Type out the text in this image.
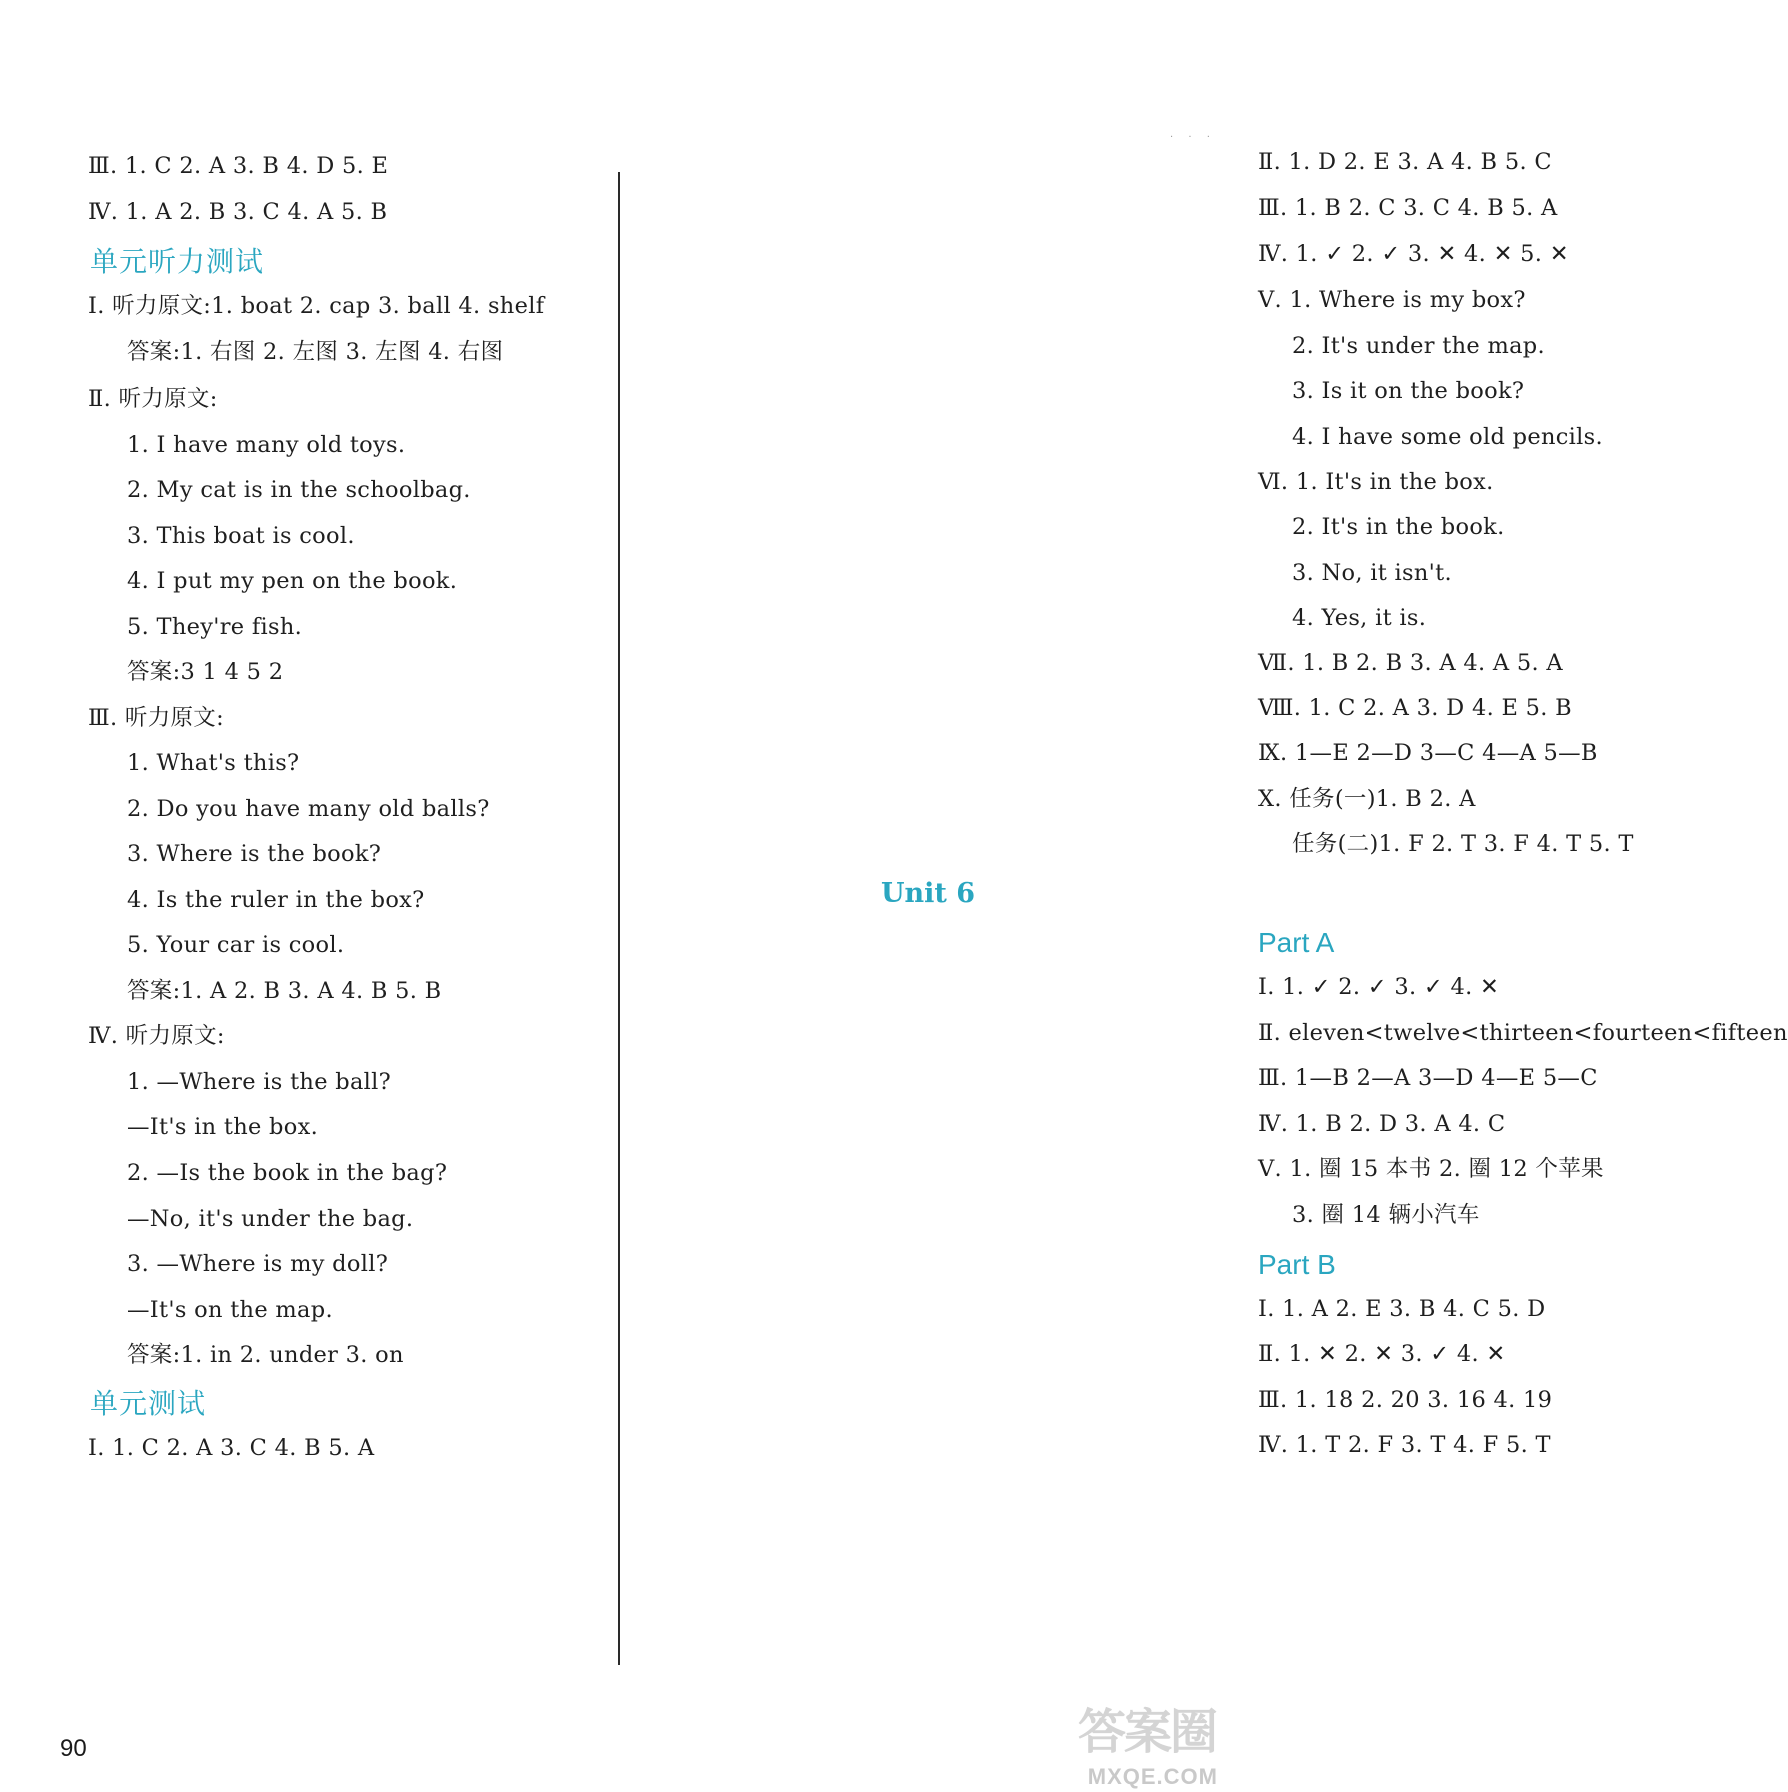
· · ·
Ⅲ. 1. C 2. A 3. B 4. D 5. E
Ⅳ. 1. A 2. B 3. C 4. A 5. B
单元听力测试
Ⅰ. 听力原文:1. boat 2. cap 3. ball 4. shelf
答案:1. 右图 2. 左图 3. 左图 4. 右图
Ⅱ. 听力原文:
1. I have many old toys.
2. My cat is in the schoolbag.
3. This boat is cool.
4. I put my pen on the book.
5. They're fish.
答案:3 1 4 5 2
Ⅲ. 听力原文:
1. What's this?
2. Do you have many old balls?
3. Where is the book?
4. Is the ruler in the box?
5. Your car is cool.
答案:1. A 2. B 3. A 4. B 5. B
Ⅳ. 听力原文:
1. —Where is the ball?
—It's in the box.
2. —Is the book in the bag?
—No, it's under the bag.
3. —Where is my doll?
—It's on the map.
答案:1. in 2. under 3. on
单元测试
Ⅰ. 1. C 2. A 3. C 4. B 5. A
Ⅱ. 1. D 2. E 3. A 4. B 5. C
Ⅲ. 1. B 2. C 3. C 4. B 5. A
Ⅳ. 1. ✓ 2. ✓ 3. ✕ 4. ✕ 5. ✕
Ⅴ. 1. Where is my box?
2. It's under the map.
3. Is it on the book?
4. I have some old pencils.
Ⅵ. 1. It's in the box.
2. It's in the book.
3. No, it isn't.
4. Yes, it is.
Ⅶ. 1. B 2. B 3. A 4. A 5. A
Ⅷ. 1. C 2. A 3. D 4. E 5. B
Ⅸ. 1—E 2—D 3—C 4—A 5—B
Ⅹ. 任务(一)1. B 2. A
任务(二)1. F 2. T 3. F 4. T 5. T
Unit 6
Part A
Ⅰ. 1. ✓ 2. ✓ 3. ✓ 4. ✕
Ⅱ. eleven<twelve<thirteen<fourteen<fifteen
Ⅲ. 1—B 2—A 3—D 4—E 5—C
Ⅳ. 1. B 2. D 3. A 4. C
Ⅴ. 1. 圈 15 本书 2. 圈 12 个苹果
3. 圈 14 辆小汽车
Part B
Ⅰ. 1. A 2. E 3. B 4. C 5. D
Ⅱ. 1. ✕ 2. ✕ 3. ✓ 4. ✕
Ⅲ. 1. 18 2. 20 3. 16 4. 19
Ⅳ. 1. T 2. F 3. T 4. F 5. T
90	答案圈
MXQE.COM
